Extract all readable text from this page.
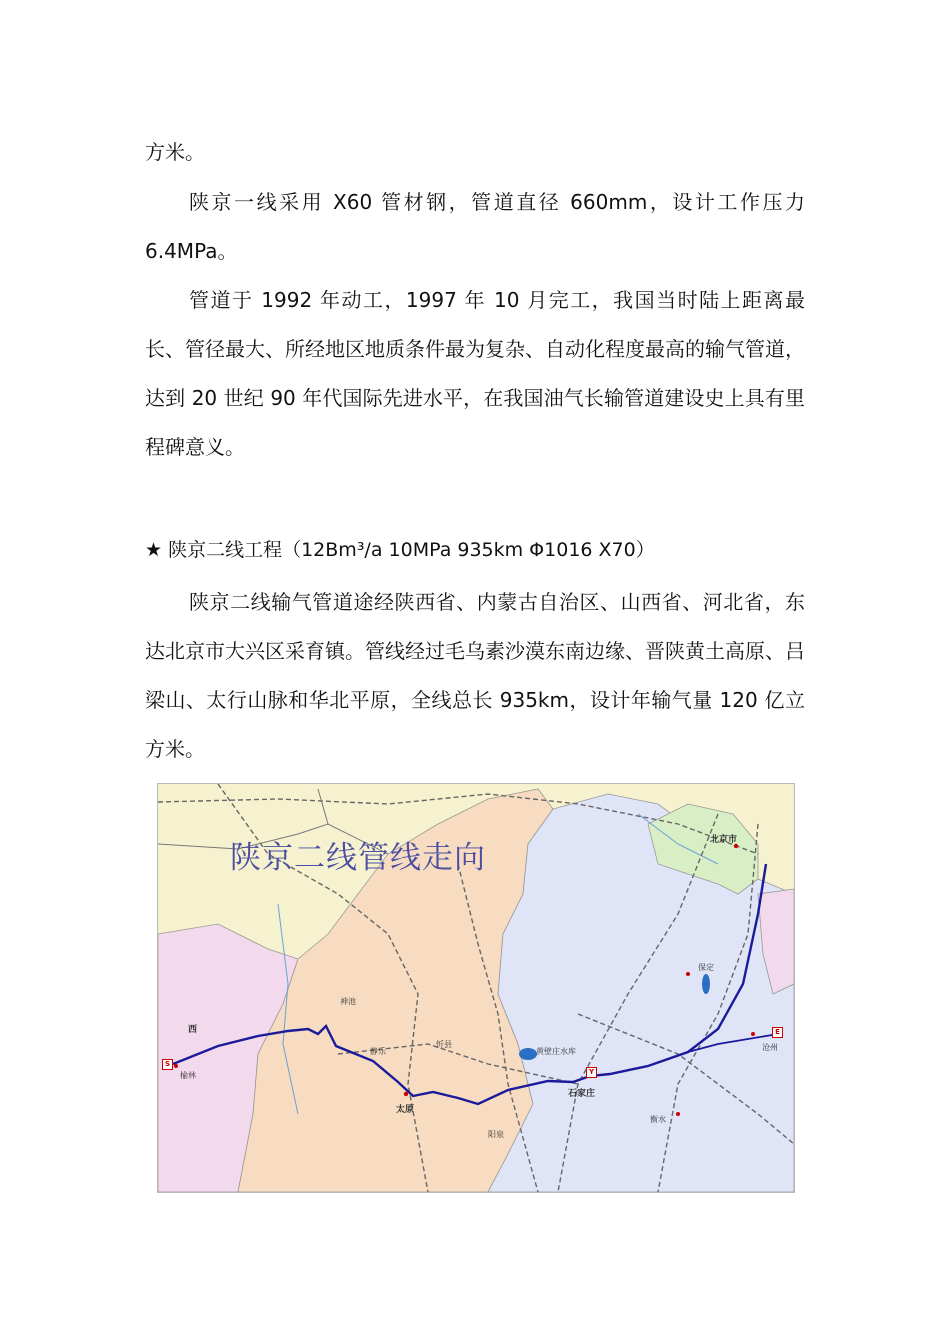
方米。

陕京一线采用 X60 管材钢，管道直径 660mm，设计工作压力 6.4MPa。

管道于 1992 年动工，1997 年 10 月完工，我国当时陆上距离最长、管径最大、所经地区地质条件最为复杂、自动化程度最高的输气管道，达到 20 世纪 90 年代国际先进水平，在我国油气长输管道建设史上具有里程碑意义。

★ 陕京二线工程（12Bm³/a 10MPa 935km Φ1016 X70）

陕京二线输气管道途经陕西省、内蒙古自治区、山西省、河北省，东达北京市大兴区采育镇。管线经过毛乌素沙漠东南边缘、晋陕黄土高原、吕梁山、太行山脉和华北平原，全线总长 935km，设计年输气量 120 亿立方米。

陕京二线管线走向
S
Y
E
榆林
太原
石家庄
北京市
衡水
保定
沧州
阳泉
黄壁庄水库
神池
静乐
忻县
西
